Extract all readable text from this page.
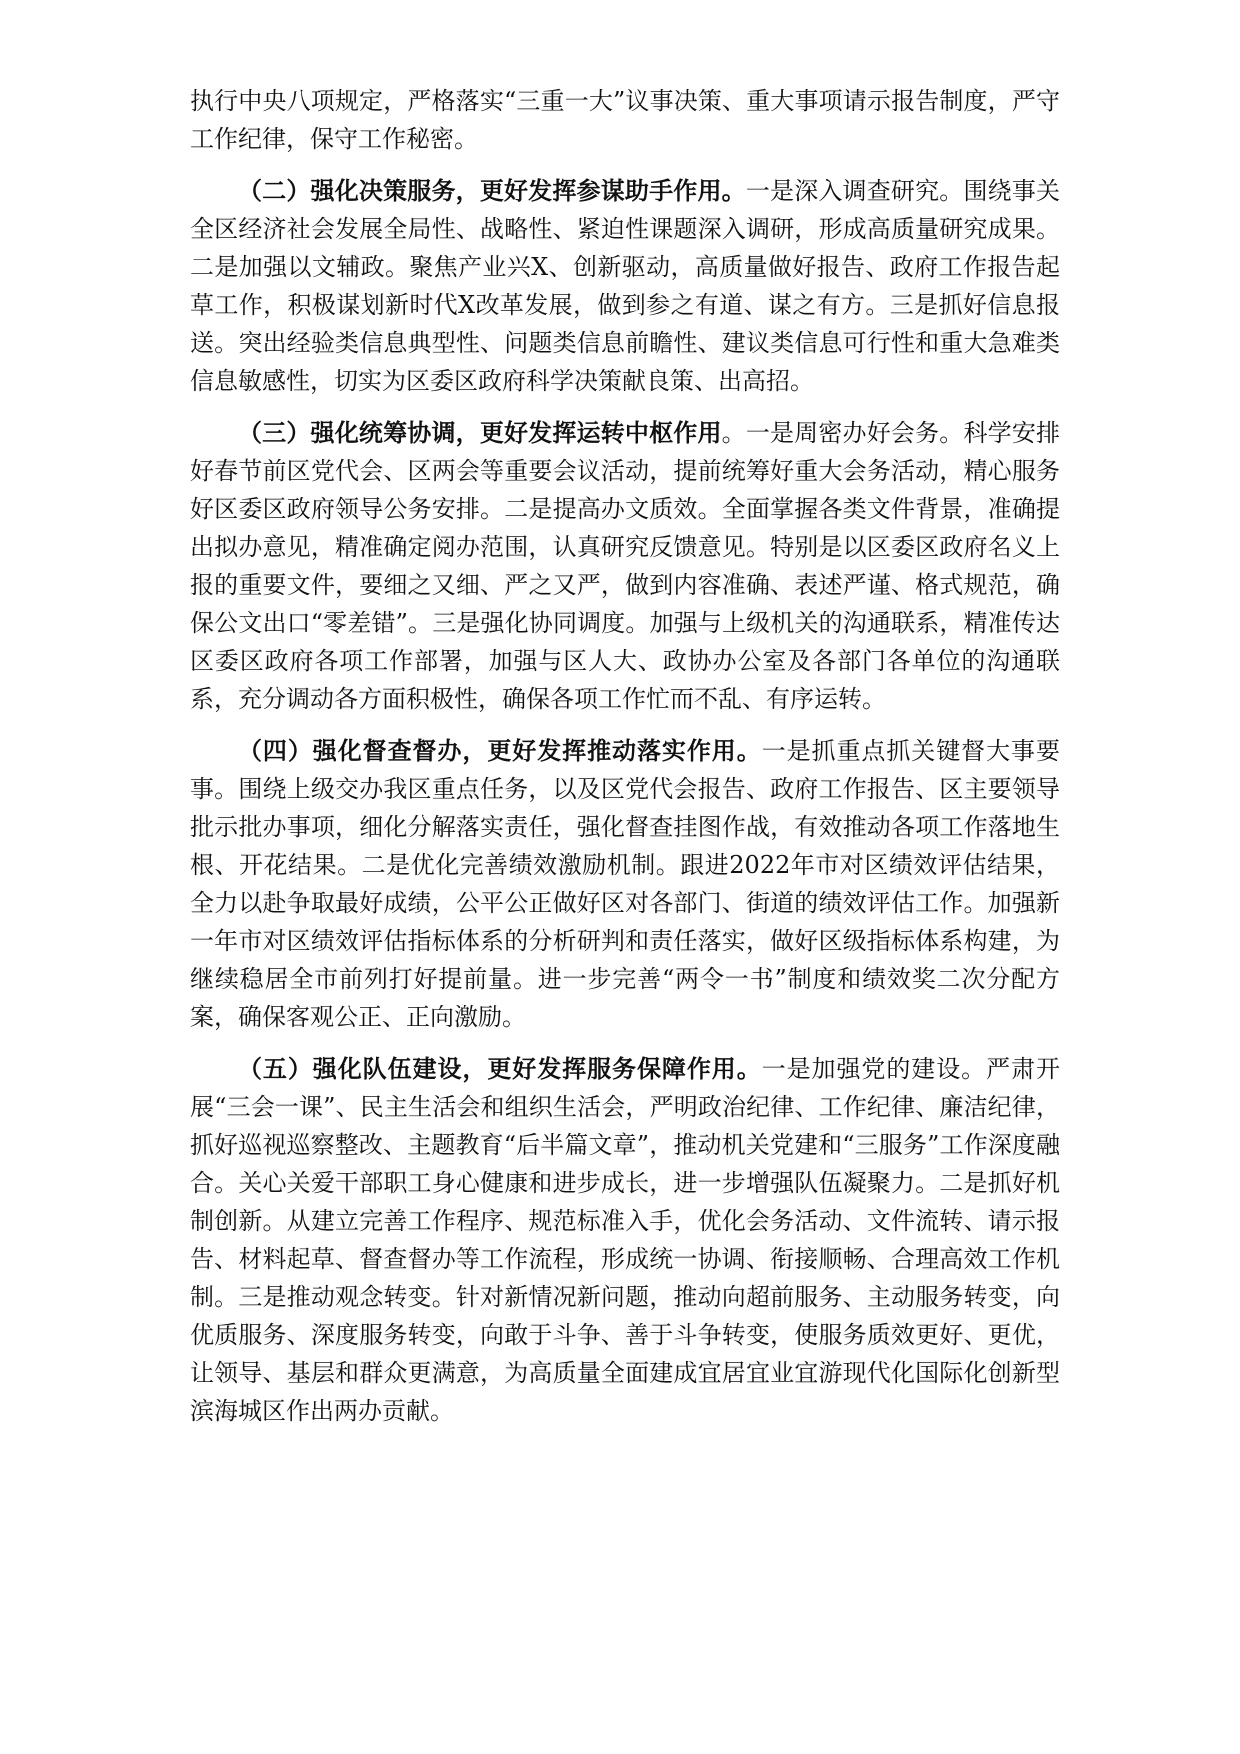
执行中央八项规定，严格落实“三重一大”议事决策、重大事项请示报告制度，严守工作纪律，保守工作秘密。

（二）强化决策服务，更好发挥参谋助手作用。一是深入调查研究。围绕事关全区经济社会发展全局性、战略性、紧迫性课题深入调研，形成高质量研究成果。二是加强以文辅政。聚焦产业兴X、创新驱动，高质量做好报告、政府工作报告起草工作，积极谋划新时代X改革发展，做到参之有道、谋之有方。三是抓好信息报送。突出经验类信息典型性、问题类信息前瞻性、建议类信息可行性和重大急难类信息敏感性，切实为区委区政府科学决策献良策、出高招。

（三）强化统筹协调，更好发挥运转中枢作用。一是周密办好会务。科学安排好春节前区党代会、区两会等重要会议活动，提前统筹好重大会务活动，精心服务好区委区政府领导公务安排。二是提高办文质效。全面掌握各类文件背景，准确提出拟办意见，精准确定阅办范围，认真研究反馈意见。特别是以区委区政府名义上报的重要文件，要细之又细、严之又严，做到内容准确、表述严谨、格式规范，确保公文出口“零差错”。三是强化协同调度。加强与上级机关的沟通联系，精准传达区委区政府各项工作部署，加强与区人大、政协办公室及各部门各单位的沟通联系，充分调动各方面积极性，确保各项工作忙而不乱、有序运转。

（四）强化督查督办，更好发挥推动落实作用。一是抓重点抓关键督大事要事。围绕上级交办我区重点任务，以及区党代会报告、政府工作报告、区主要领导批示批办事项，细化分解落实责任，强化督查挂图作战，有效推动各项工作落地生根、开花结果。二是优化完善绩效激励机制。跟进2022年市对区绩效评估结果，全力以赴争取最好成绩，公平公正做好区对各部门、街道的绩效评估工作。加强新一年市对区绩效评估指标体系的分析研判和责任落实，做好区级指标体系构建，为继续稳居全市前列打好提前量。进一步完善“两令一书”制度和绩效奖二次分配方案，确保客观公正、正向激励。

（五）强化队伍建设，更好发挥服务保障作用。一是加强党的建设。严肃开展“三会一课”、民主生活会和组织生活会，严明政治纪律、工作纪律、廉洁纪律，抓好巡视巡察整改、主题教育“后半篇文章”，推动机关党建和“三服务”工作深度融合。关心关爱干部职工身心健康和进步成长，进一步增强队伍凝聚力。二是抓好机制创新。从建立完善工作程序、规范标准入手，优化会务活动、文件流转、请示报告、材料起草、督查督办等工作流程，形成统一协调、衔接顺畅、合理高效工作机制。三是推动观念转变。针对新情况新问题，推动向超前服务、主动服务转变，向优质服务、深度服务转变，向敢于斗争、善于斗争转变，使服务质效更好、更优，让领导、基层和群众更满意，为高质量全面建成宜居宜业宜游现代化国际化创新型滨海城区作出两办贡献。
